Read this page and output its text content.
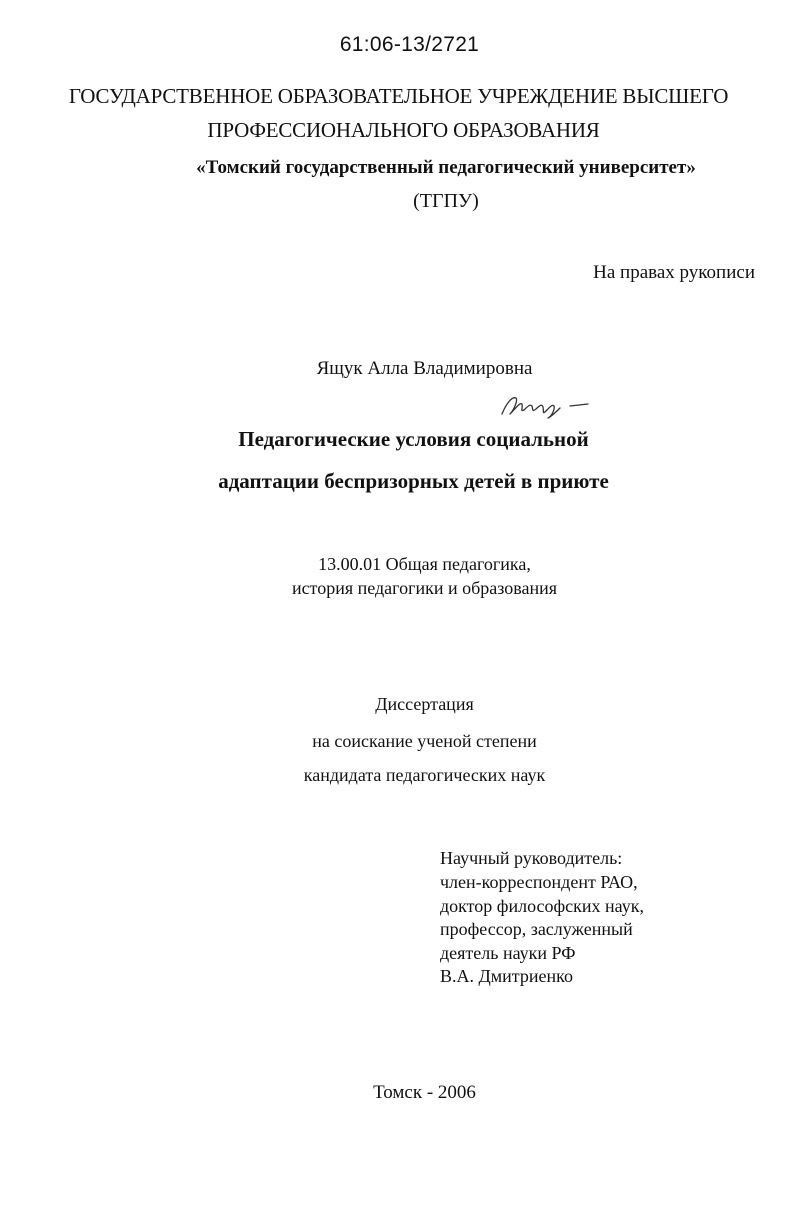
61:06-13/2721

ГОСУДАРСТВЕННОЕ ОБРАЗОВАТЕЛЬНОЕ УЧРЕЖДЕНИЕ ВЫСШЕГО

ПРОФЕССИОНАЛЬНОГО ОБРАЗОВАНИЯ

«Томский государственный педагогический университет»

(ТГПУ)

На правах рукописи

Ящук Алла Владимировна

Педагогические условия социальной

адаптации беспризорных детей в приюте

13.00.01 Общая педагогика,

история педагогики и образования

Диссертация

на соискание ученой степени

кандидата педагогических наук

Научный руководитель:

член-корреспондент РАО,

доктор философских наук,

профессор, заслуженный

деятель науки РФ

В.А. Дмитриенко

Томск - 2006
